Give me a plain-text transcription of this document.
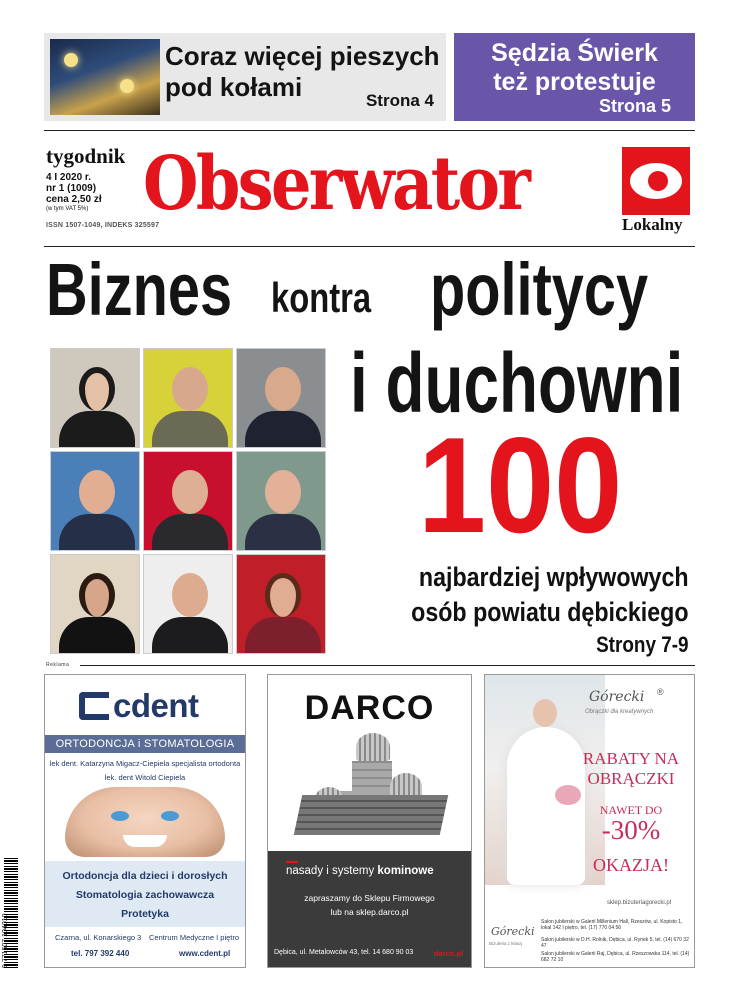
Coraz więcej pieszych pod kołami	Strona 4
Sędzia Świerk
też protestuje
Strona 5
tygodnik
4 I 2020 r.
nr 1 (1009)
cena 2,50 zł
(w tym VAT 5%)
ISSN 1507-1049, INDEKS 325597
Obserwator	Lokalny
Biznes kontra politycy
i duchowni
100
najbardziej wpływowych
osób powiatu dębickiego
Strony 7-9
Reklama
cdent
ORTODONCJA i STOMATOLOGIA
lek dent. Katarzyna Migacz-Ciepiela specjalista ortodonta
lek. dent Witold Ciepiela
Ortodoncja dla dzieci i dorosłych
Stomatologia zachowawcza
Protetyka
Czarna, ul. Konarskiego 3 Centrum Medyczne I piętro
tel. 797 392 440	www.cdent.pl
DARCO
nasady i systemy kominowe
zapraszamy do Sklepu Firmowego
lub na sklep.darco.pl
Dębica, ul. Metalowców 43, tel. 14 680 90 03	darco.pl
Górecki ®
Obrączki dla kreatywnych
RABATY NA
OBRĄCZKI
NAWET DO
-30%
OKAZJA!
sklep.bizuteriagorecki.pl
Górecki
Biżuteria z klasą
Salon jubilerski w Galerii Millenium Hall, Rzeszów, ul. Kopisto 1, lokal 142 I piętro, tel. (17) 770 04 56
Salon jubilerski w D.H. Rolnik, Dębica, ul. Rynek 5, tel. (14) 670 32 47
Salon jubilerski w Galerii Raj, Dębica, ul. Rzeszowska 114, tel. (14) 682 72 10
9 771507 104010
